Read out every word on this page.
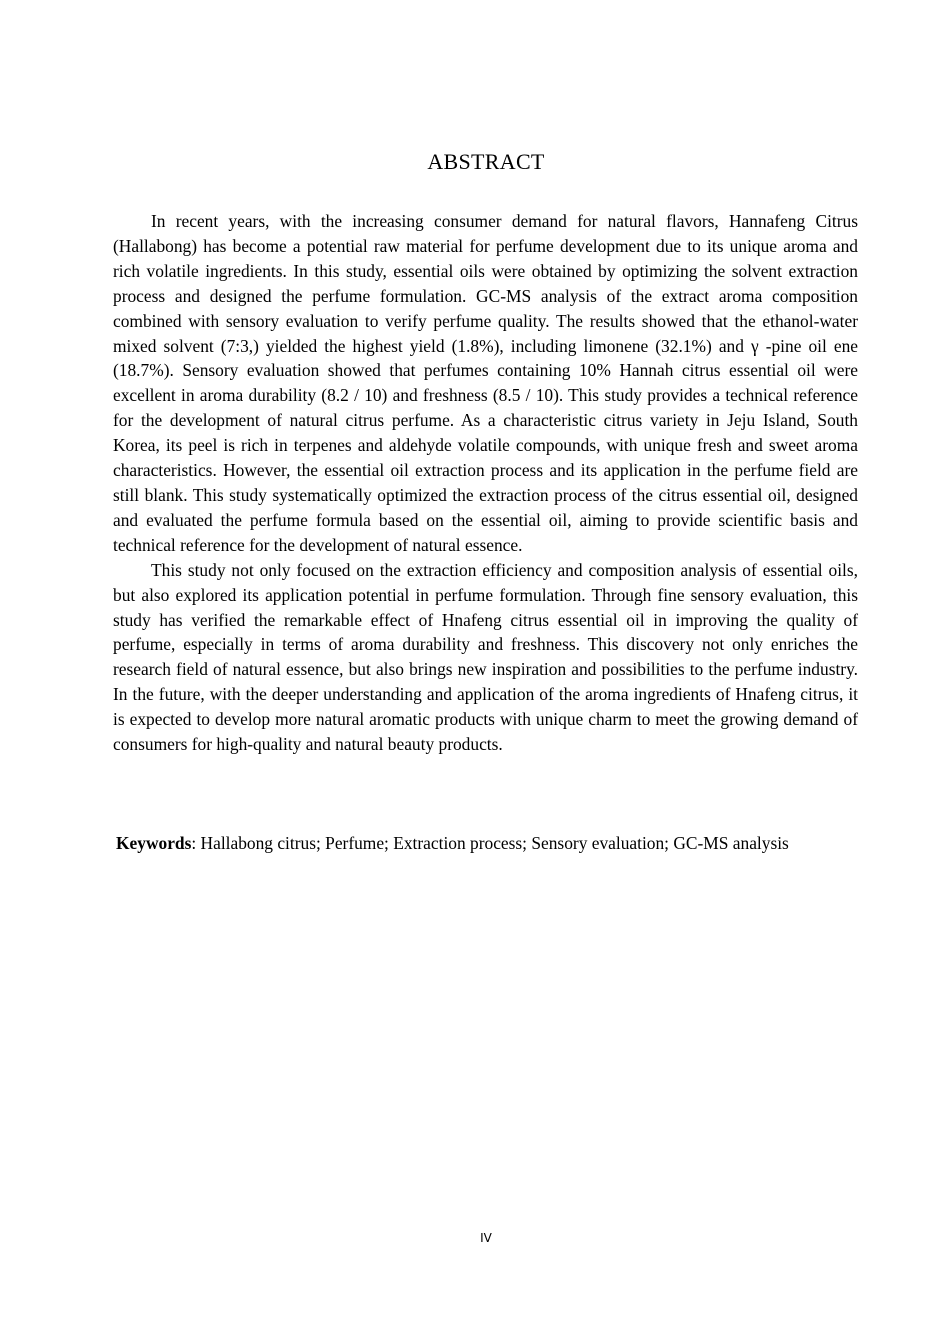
ABSTRACT

In recent years, with the increasing consumer demand for natural flavors, Hannafeng Citrus (Hallabong) has become a potential raw material for perfume development due to its unique aroma and rich volatile ingredients. In this study, essential oils were obtained by optimizing the solvent extraction process and designed the perfume formulation. GC-MS analysis of the extract aroma composition combined with sensory evaluation to verify perfume quality. The results showed that the ethanol-water mixed solvent (7:3,) yielded the highest yield (1.8%), including limonene (32.1%) and γ -pine oil ene (18.7%). Sensory evaluation showed that perfumes containing 10% Hannah citrus essential oil were excellent in aroma durability (8.2 / 10) and freshness (8.5 / 10). This study provides a technical reference for the development of natural citrus perfume. As a characteristic citrus variety in Jeju Island, South Korea, its peel is rich in terpenes and aldehyde volatile compounds, with unique fresh and sweet aroma characteristics. However, the essential oil extraction process and its application in the perfume field are still blank. This study systematically optimized the extraction process of the citrus essential oil, designed and evaluated the perfume formula based on the essential oil, aiming to provide scientific basis and technical reference for the development of natural essence.

This study not only focused on the extraction efficiency and composition analysis of essential oils, but also explored its application potential in perfume formulation. Through fine sensory evaluation, this study has verified the remarkable effect of Hnafeng citrus essential oil in improving the quality of perfume, especially in terms of aroma durability and freshness. This discovery not only enriches the research field of natural essence, but also brings new inspiration and possibilities to the perfume industry. In the future, with the deeper understanding and application of the aroma ingredients of Hnafeng citrus, it is expected to develop more natural aromatic products with unique charm to meet the growing demand of consumers for high-quality and natural beauty products.

Keywords: Hallabong citrus; Perfume; Extraction process; Sensory evaluation; GC-MS analysis
IV
